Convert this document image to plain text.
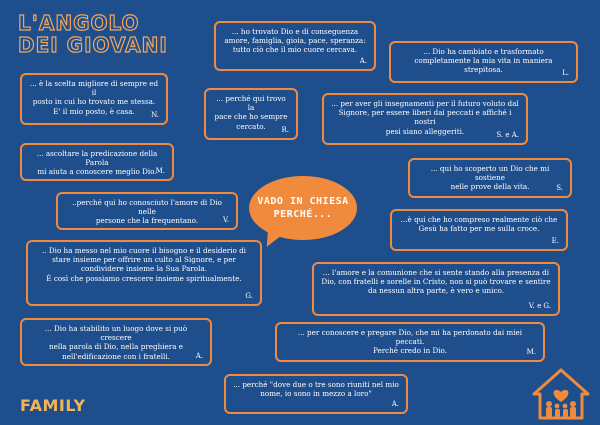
L'ANGOLO
DEI GIOVANI
... ho trovato Dio e di conseguenza
amore, famiglia, gioia, pace, speranza:
tutto ciò che il mio cuore cercava.
A.
... Dio ha cambiato e trasformato
completamente la mia vita in maniera strepitosa.	L.
... è la scelta migliore di sempre ed il
posto in cui ho trovato me stessa.
E' il mio posto, è casa.	N.
... perché qui trovo la
pace che ho sempre
cercato.	R.
... per aver gli insegnamenti per il futuro voluto dal
Signore, per essere liberi dai peccati e affiché i nostri
pesi siano alleggeriti.	S. e A.
... ascoltare la predicazione della Parola
mi aiuta a conoscere meglio Dio.
M.	... qui ho scoperto un Dio che mi sostiene
nelle prove della vita.	S.
..perché qui ho conosciuto l'amore di Dio nelle
persone che la frequentano.	V.	...è qui che ho compreso realmente ciò che
Gesù ha fatto per me sulla croce.
E.
.. Dio ha messo nel mio cuore il bisogno e il desiderio di
stare insieme per offrire un culto al Signore, e per
condividere insieme la Sua Parola.
È così che possiamo crescere insieme spiritualmente.
G.
... l'amore e la comunione che si sente stando alla presenza di
Dio, con fratelli e sorelle in Cristo, non si può trovare e sentire
da nessun altra parte, è vero e unico.
V. e G.
... Dio ha stabilito un luogo dove si può crescere
nella parola di Dio, nella preghiera e
nell'edificazione con i fratelli.	A.
... per conoscere e pregare Dio, che mi ha perdonato dai miei peccati.
Perchè credo in Dio.	M.
... perché "dove due o tre sono riuniti nel mio
nome, io sono in mezzo a loro"
A.
VADO IN CHIESA
PERCHÉ...
FAMILY
